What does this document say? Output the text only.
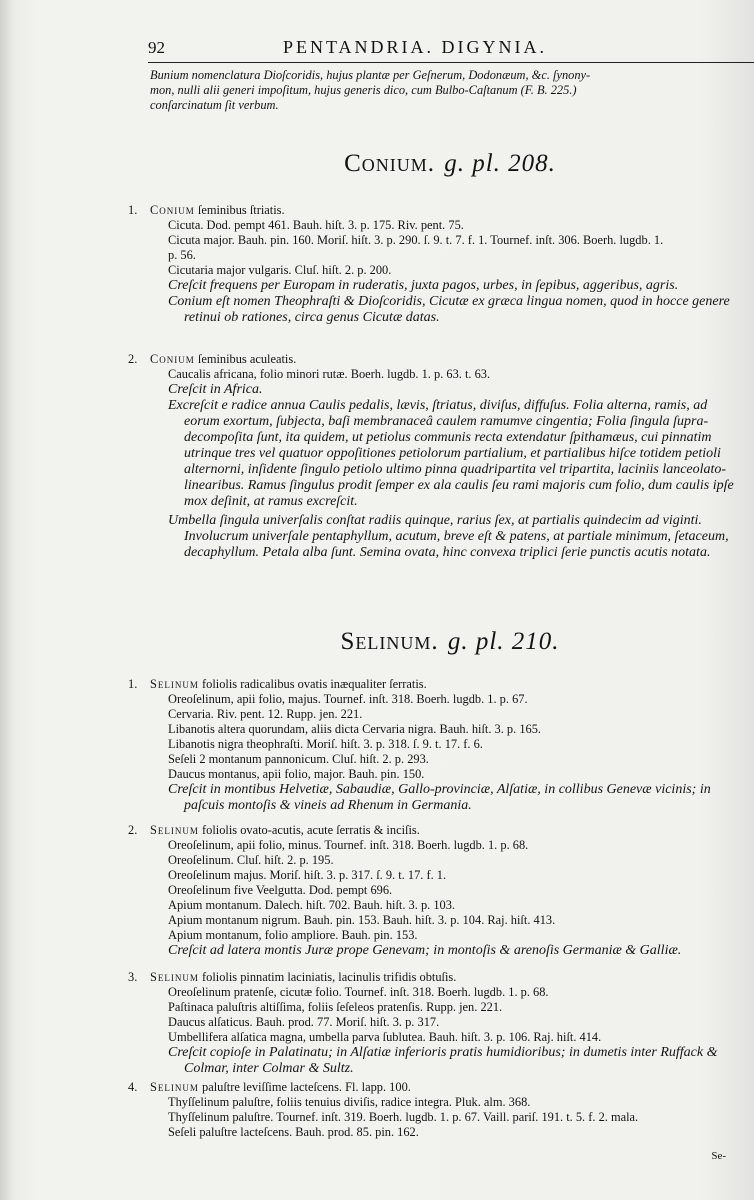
92	PENTANDRIA. DIGYNIA.

Bunium nomenclatura Dioſcoridis, hujus plantæ per Geſnerum, Dodonæum, &c. ſynony-

mon, nulli alii generi impoſitum, hujus generis dico, cum Bulbo-Caſtanum (F. B. 225.)

conſarcinatum ſit verbum.

Conium. g. pl. 208.

1. Conium ſeminibus ſtriatis.

Cicuta. Dod. pempt 461. Bauh. hiſt. 3. p. 175. Riv. pent. 75.

Cicuta major. Bauh. pin. 160. Moriſ. hiſt. 3. p. 290. ſ. 9. t. 7. f. 1. Tournef. inſt. 306. Boerh. lugdb. 1.

p. 56.

Cicutaria major vulgaris. Cluſ. hiſt. 2. p. 200.

Creſcit frequens per Europam in ruderatis, juxta pagos, urbes, in ſepibus, aggeribus, agris.

Conium eſt nomen Theophraſti & Dioſcoridis, Cicutæ ex græca lingua nomen, quod in hocce genere retinui ob rationes, circa genus Cicutæ datas.

2. Conium ſeminibus aculeatis.

Caucalis africana, folio minori rutæ. Boerh. lugdb. 1. p. 63. t. 63.

Creſcit in Africa.

Excreſcit e radice annua Caulis pedalis, lævis, ſtriatus, diviſus, diffuſus. Folia alterna, ramis, ad eorum exortum, ſubjecta, baſi membranaceâ caulem ramumve cingentia; Folia ſingula ſupra-decompoſita ſunt, ita quidem, ut petiolus communis recta extendatur ſpithamæus, cui pinnatim utrinque tres vel quatuor oppoſitiones petiolorum partialium, et partialibus hiſce totidem petioli alternorni, inſidente ſingulo petiolo ultimo pinna quadripartita vel tripartita, laciniis lanceolato-linearibus. Ramus ſingulus prodit ſemper ex ala caulis ſeu rami majoris cum folio, dum caulis ipſe mox deſinit, at ramus excreſcit.

Umbella ſingula univerſalis conſtat radiis quinque, rarius ſex, at partialis quindecim ad viginti. Involucrum univerſale pentaphyllum, acutum, breve eſt & patens, at partiale minimum, ſetaceum, decaphyllum. Petala alba ſunt. Semina ovata, hinc convexa triplici ſerie punctis acutis notata.

Selinum. g. pl. 210.

1. Selinum foliolis radicalibus ovatis inæqualiter ſerratis.

Oreoſelinum, apii folio, majus. Tournef. inſt. 318. Boerh. lugdb. 1. p. 67.

Cervaria. Riv. pent. 12. Rupp. jen. 221.

Libanotis altera quorundam, aliis dicta Cervaria nigra. Bauh. hiſt. 3. p. 165.

Libanotis nigra theophraſti. Moriſ. hiſt. 3. p. 318. ſ. 9. t. 17. f. 6.

Seſeli 2 montanum pannonicum. Cluſ. hiſt. 2. p. 293.

Daucus montanus, apii folio, major. Bauh. pin. 150.

Creſcit in montibus Helvetiæ, Sabaudiæ, Gallo-provinciæ, Alſatiæ, in collibus Genevæ vicinis; in paſcuis montoſis & vineis ad Rhenum in Germania.

2. Selinum foliolis ovato-acutis, acute ſerratis & inciſis.

Oreoſelinum, apii folio, minus. Tournef. inſt. 318. Boerh. lugdb. 1. p. 68.

Oreoſelinum. Cluſ. hiſt. 2. p. 195.

Oreoſelinum majus. Moriſ. hiſt. 3. p. 317. ſ. 9. t. 17. f. 1.

Oreoſelinum five Veelgutta. Dod. pempt 696.

Apium montanum. Dalech. hiſt. 702. Bauh. hiſt. 3. p. 103.

Apium montanum nigrum. Bauh. pin. 153. Bauh. hiſt. 3. p. 104. Raj. hiſt. 413.

Apium montanum, folio ampliore. Bauh. pin. 153.

Creſcit ad latera montis Juræ prope Genevam; in montoſis & arenoſis Germaniæ & Galliæ.

3. Selinum foliolis pinnatim laciniatis, lacinulis trifidis obtuſis.

Oreoſelinum pratenſe, cicutæ folio. Tournef. inſt. 318. Boerh. lugdb. 1. p. 68.

Paſtinaca paluſtris altiſſima, foliis ſeſeleos pratenſis. Rupp. jen. 221.

Daucus alſaticus. Bauh. prod. 77. Moriſ. hiſt. 3. p. 317.

Umbellifera alſatica magna, umbella parva ſublutea. Bauh. hiſt. 3. p. 106. Raj. hiſt. 414.

Creſcit copioſe in Palatinatu; in Alſatiæ inferioris pratis humidioribus; in dumetis inter Ruffack & Colmar, inter Colmar & Sultz.

4. Selinum paluſtre leviſſime lacteſcens. Fl. lapp. 100.

Thyſſelinum paluſtre, foliis tenuius diviſis, radice integra. Pluk. alm. 368.

Thyſſelinum paluſtre. Tournef. inſt. 319. Boerh. lugdb. 1. p. 67. Vaill. pariſ. 191. t. 5. f. 2. mala.

Seſeli paluſtre lacteſcens. Bauh. prod. 85. pin. 162.

Se-
